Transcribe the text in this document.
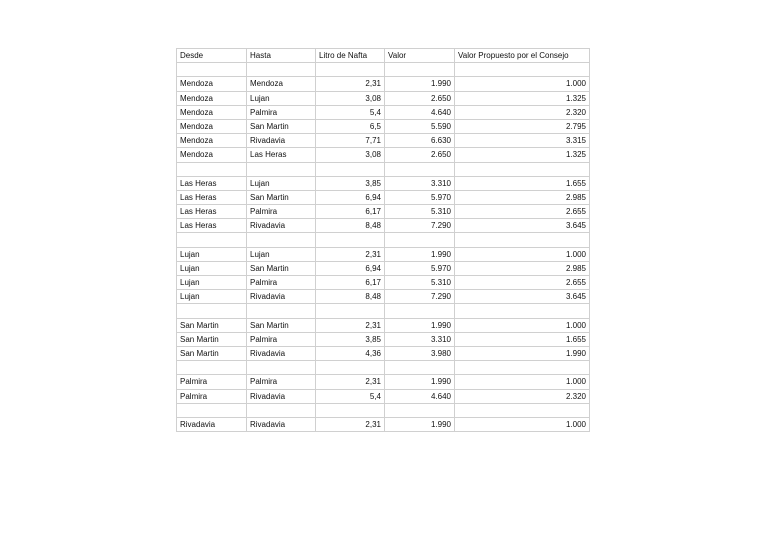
Desde	Hasta	Litro de Nafta	Valor	Valor Propuesto por el Consejo

Mendoza	Mendoza	2,31	1.990	1.000
Mendoza	Lujan	3,08	2.650	1.325
Mendoza	Palmira	5,4	4.640	2.320
Mendoza	San Martin	6,5	5.590	2.795
Mendoza	Rivadavia	7,71	6.630	3.315
Mendoza	Las Heras	3,08	2.650	1.325

Las Heras	Lujan	3,85	3.310	1.655
Las Heras	San Martin	6,94	5.970	2.985
Las Heras	Palmira	6,17	5.310	2.655
Las Heras	Rivadavia	8,48	7.290	3.645

Lujan	Lujan	2,31	1.990	1.000
Lujan	San Martin	6,94	5.970	2.985
Lujan	Palmira	6,17	5.310	2.655
Lujan	Rivadavia	8,48	7.290	3.645

San Martin	San Martin	2,31	1.990	1.000
San Martin	Palmira	3,85	3.310	1.655
San Martin	Rivadavia	4,36	3.980	1.990

Palmira	Palmira	2,31	1.990	1.000
Palmira	Rivadavia	5,4	4.640	2.320

Rivadavia	Rivadavia	2,31	1.990	1.000
